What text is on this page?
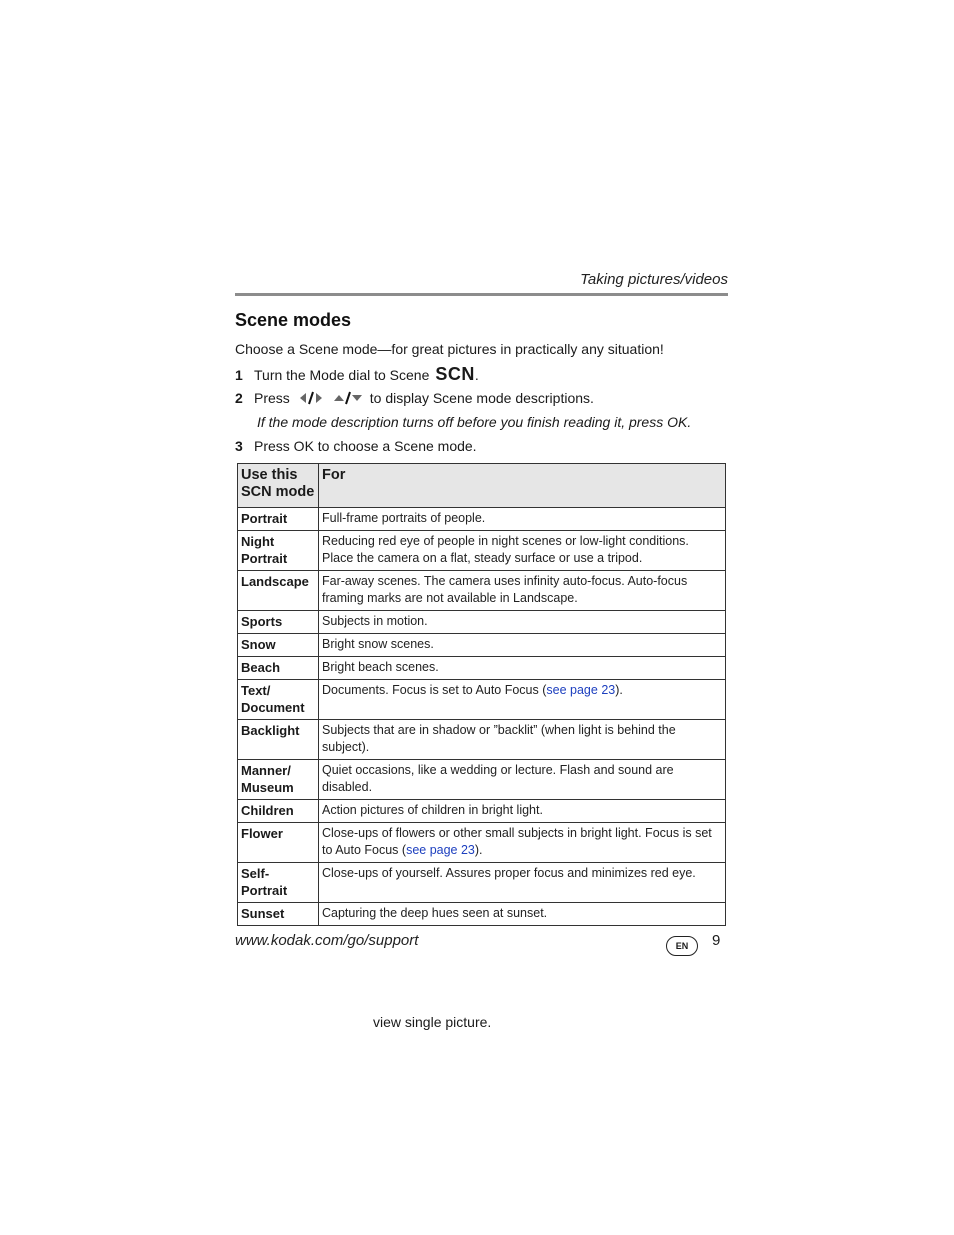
Taking pictures/videos
Scene modes

Choose a Scene mode—for great pictures in practically any situation!

1 Turn the Mode dial to Scene SCN .
2 Press	to display Scene mode descriptions.

If the mode description turns off before you finish reading it, press OK.

3 Press OK to choose a Scene mode.
Use this SCN mode	For
Portrait	Full-frame portraits of people.
Night Portrait	Reducing red eye of people in night scenes or low-light conditions. Place the camera on a flat, steady surface or use a tripod.
Landscape	Far-away scenes. The camera uses infinity auto-focus. Auto-focus framing marks are not available in Landscape.
Sports	Subjects in motion.
Snow	Bright snow scenes.
Beach	Bright beach scenes.
Text/ Document	Documents. Focus is set to Auto Focus (see page 23).
Backlight	Subjects that are in shadow or ”backlit” (when light is behind the subject).
Manner/ Museum	Quiet occasions, like a wedding or lecture. Flash and sound are disabled.
Children	Action pictures of children in bright light.
Flower	Close-ups of flowers or other small subjects in bright light. Focus is set to Auto Focus (see page 23).
Self-Portrait	Close-ups of yourself. Assures proper focus and minimizes red eye.
Sunset	Capturing the deep hues seen at sunset.
www.kodak.com/go/support	EN	9
view single picture.
